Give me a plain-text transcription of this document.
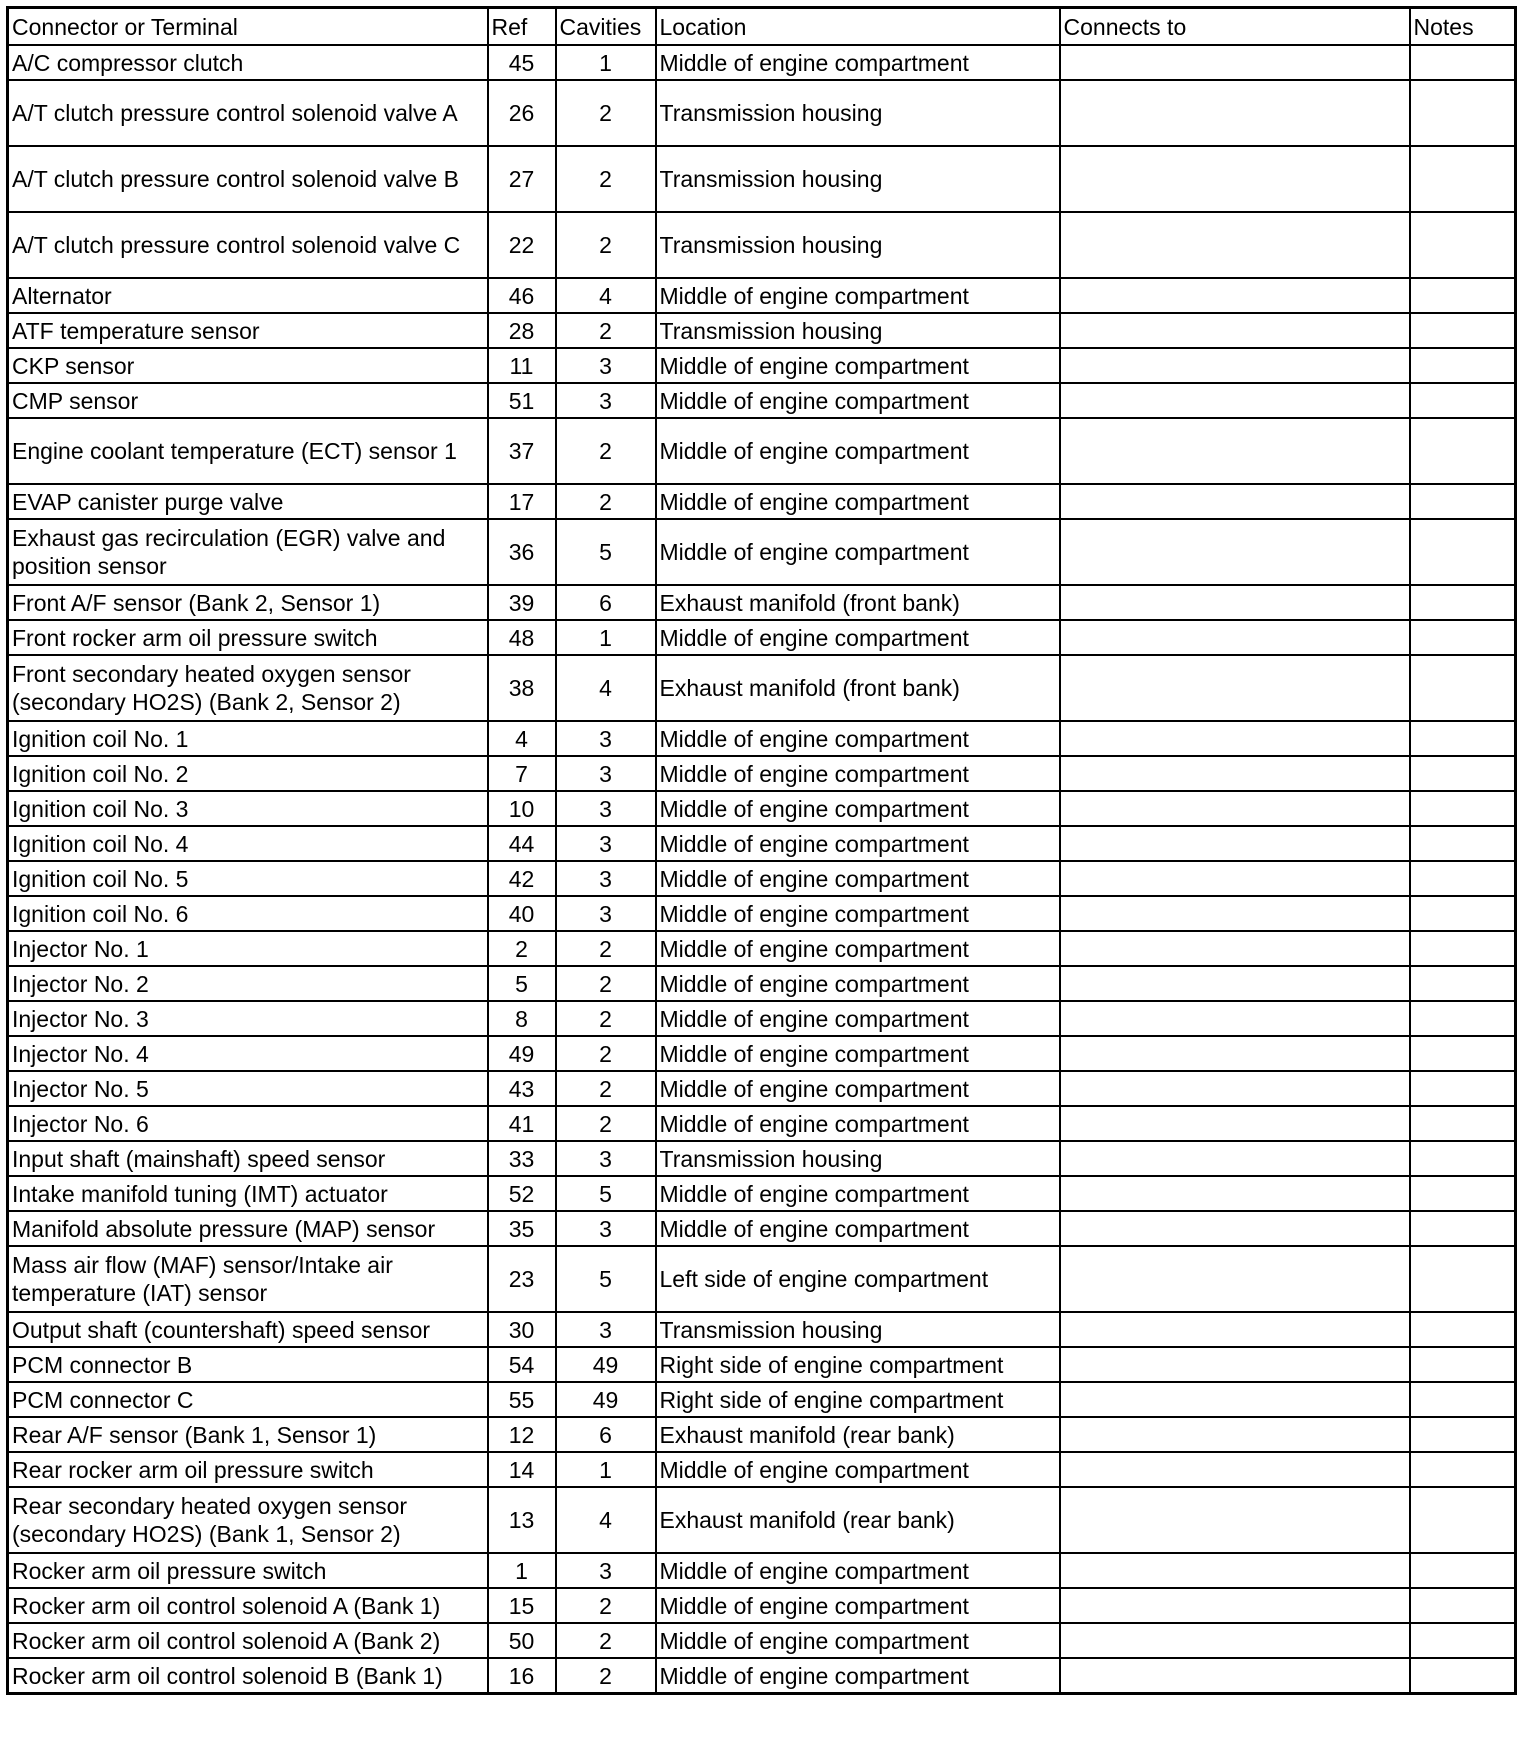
Connector or Terminal	Ref	Cavities	Location	Connects to	Notes
A/C compressor clutch	45	1	Middle of engine compartment		
A/T clutch pressure control solenoid valve A	26	2	Transmission housing		
A/T clutch pressure control solenoid valve B	27	2	Transmission housing		
A/T clutch pressure control solenoid valve C	22	2	Transmission housing		
Alternator	46	4	Middle of engine compartment		
ATF temperature sensor	28	2	Transmission housing		
CKP sensor	11	3	Middle of engine compartment		
CMP sensor	51	3	Middle of engine compartment		
Engine coolant temperature (ECT) sensor 1	37	2	Middle of engine compartment		
EVAP canister purge valve	17	2	Middle of engine compartment		
Exhaust gas recirculation (EGR) valve and position sensor	36	5	Middle of engine compartment		
Front A/F sensor (Bank 2, Sensor 1)	39	6	Exhaust manifold (front bank)		
Front rocker arm oil pressure switch	48	1	Middle of engine compartment		
Front secondary heated oxygen sensor (secondary HO2S) (Bank 2, Sensor 2)	38	4	Exhaust manifold (front bank)		
Ignition coil No. 1	4	3	Middle of engine compartment		
Ignition coil No. 2	7	3	Middle of engine compartment		
Ignition coil No. 3	10	3	Middle of engine compartment		
Ignition coil No. 4	44	3	Middle of engine compartment		
Ignition coil No. 5	42	3	Middle of engine compartment		
Ignition coil No. 6	40	3	Middle of engine compartment		
Injector No. 1	2	2	Middle of engine compartment		
Injector No. 2	5	2	Middle of engine compartment		
Injector No. 3	8	2	Middle of engine compartment		
Injector No. 4	49	2	Middle of engine compartment		
Injector No. 5	43	2	Middle of engine compartment		
Injector No. 6	41	2	Middle of engine compartment		
Input shaft (mainshaft) speed sensor	33	3	Transmission housing		
Intake manifold tuning (IMT) actuator	52	5	Middle of engine compartment		
Manifold absolute pressure (MAP) sensor	35	3	Middle of engine compartment		
Mass air flow (MAF) sensor/Intake air temperature (IAT) sensor	23	5	Left side of engine compartment		
Output shaft (countershaft) speed sensor	30	3	Transmission housing		
PCM connector B	54	49	Right side of engine compartment		
PCM connector C	55	49	Right side of engine compartment		
Rear A/F sensor (Bank 1, Sensor 1)	12	6	Exhaust manifold (rear bank)		
Rear rocker arm oil pressure switch	14	1	Middle of engine compartment		
Rear secondary heated oxygen sensor (secondary HO2S) (Bank 1, Sensor 2)	13	4	Exhaust manifold (rear bank)		
Rocker arm oil pressure switch	1	3	Middle of engine compartment		
Rocker arm oil control solenoid A (Bank 1)	15	2	Middle of engine compartment		
Rocker arm oil control solenoid A (Bank 2)	50	2	Middle of engine compartment		
Rocker arm oil control solenoid B (Bank 1)	16	2	Middle of engine compartment		
